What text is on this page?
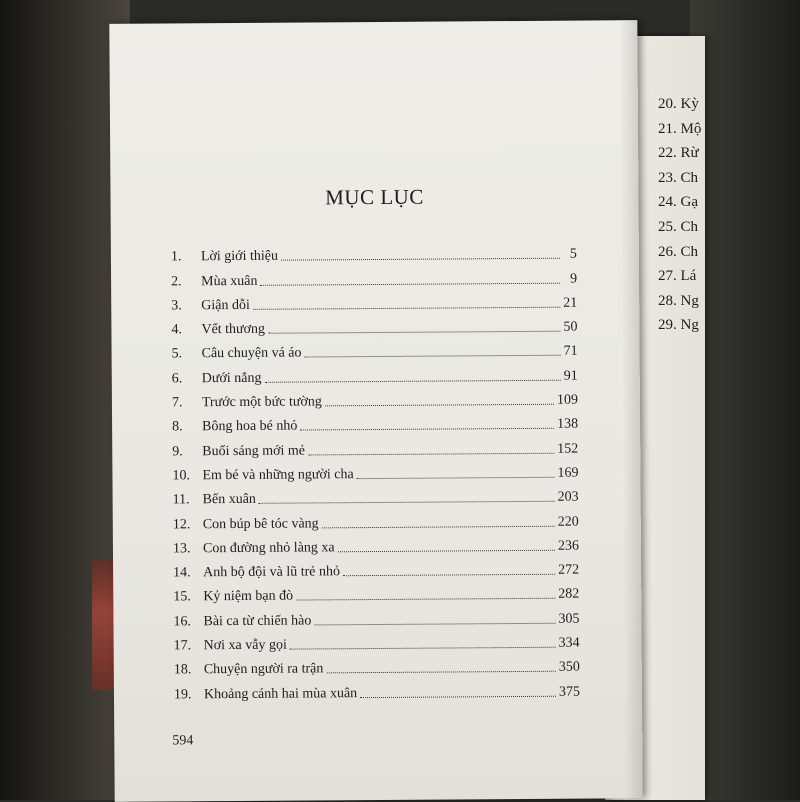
20. Kỳ
21. Mộ
22. Rừ
23. Ch
24. Gạ
25. Ch
26. Ch
27. Lá
28. Ng
29. Ng
MỤC LỤC
1.	Lời giới thiệu	5
2.	Mùa xuân	9
3.	Giận dỗi	21
4.	Vết thương	50
5.	Câu chuyện vá áo	71
6.	Dưới nắng	91
7.	Trước một bức tường	109
8.	Bông hoa bé nhỏ	138
9.	Buổi sáng mới mẻ	152
10. Em bé và những người cha	169
11. Bến xuân	203
12. Con búp bê tóc vàng	220
13. Con đường nhỏ làng xa	236
14. Anh bộ đội và lũ trẻ nhỏ	272
15. Kỷ niệm bạn đò	282
16. Bài ca từ chiến hào	305
17. Nơi xa vẫy gọi	334
18. Chuyện người ra trận	350
19. Khoảng cánh hai mùa xuân	375
594
